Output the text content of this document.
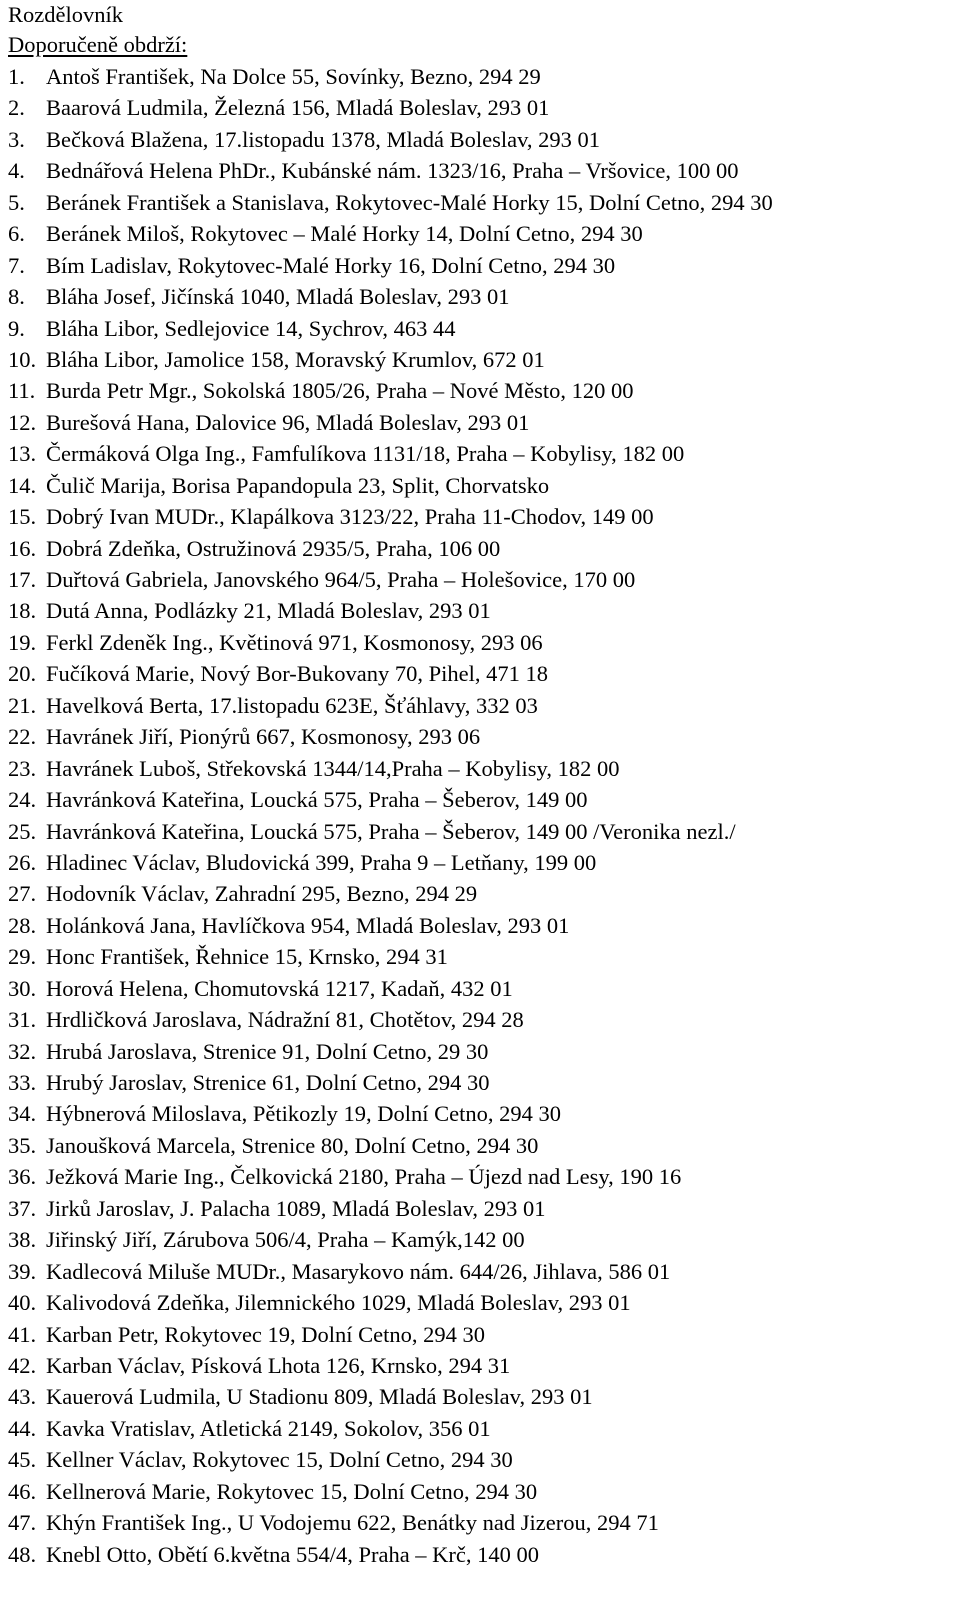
Rozdělovník
Doporučeně obdrží:
1. Antoš František, Na Dolce 55, Sovínky, Bezno, 294 29
2. Baarová Ludmila, Železná 156, Mladá Boleslav, 293 01
3. Bečková Blažena, 17.listopadu 1378, Mladá Boleslav, 293 01
4. Bednářová Helena PhDr., Kubánské nám. 1323/16, Praha – Vršovice, 100 00
5. Beránek František a Stanislava, Rokytovec-Malé Horky 15, Dolní Cetno, 294 30
6. Beránek Miloš, Rokytovec – Malé Horky 14, Dolní Cetno, 294 30
7. Bím Ladislav, Rokytovec-Malé Horky 16, Dolní Cetno, 294 30
8. Bláha Josef, Jičínská 1040, Mladá Boleslav, 293 01
9. Bláha Libor, Sedlejovice 14, Sychrov, 463 44
10. Bláha Libor, Jamolice 158, Moravský Krumlov, 672 01
11. Burda Petr Mgr., Sokolská 1805/26, Praha – Nové Město, 120 00
12. Burešová Hana, Dalovice 96, Mladá Boleslav, 293 01
13. Čermáková Olga Ing., Famfulíkova 1131/18, Praha – Kobylisy, 182 00
14. Čulič Marija, Borisa Papandopula 23, Split, Chorvatsko
15. Dobrý Ivan MUDr., Klapálkova 3123/22, Praha 11-Chodov, 149 00
16. Dobrá Zdeňka, Ostružinová 2935/5, Praha, 106 00
17. Duřtová Gabriela, Janovského 964/5, Praha – Holešovice, 170 00
18. Dutá Anna, Podlázky 21, Mladá Boleslav, 293 01
19. Ferkl Zdeněk Ing., Květinová 971, Kosmonosy, 293 06
20. Fučíková Marie, Nový Bor-Bukovany 70, Pihel, 471 18
21. Havelková Berta, 17.listopadu 623E, Šťáhlavy, 332 03
22. Havránek Jiří, Pionýrů 667, Kosmonosy, 293 06
23. Havránek Luboš, Střekovská 1344/14,Praha – Kobylisy, 182 00
24. Havránková Kateřina, Loucká 575, Praha – Šeberov, 149 00
25. Havránková Kateřina, Loucká 575, Praha – Šeberov, 149 00 /Veronika nezl./
26. Hladinec Václav, Bludovická 399, Praha 9 – Letňany, 199 00
27. Hodovník Václav, Zahradní 295, Bezno, 294 29
28. Holánková Jana, Havlíčkova 954, Mladá Boleslav, 293 01
29. Honc František, Řehnice 15, Krnsko, 294 31
30. Horová Helena, Chomutovská 1217, Kadaň, 432 01
31. Hrdličková Jaroslava, Nádražní 81, Chotětov, 294 28
32. Hrubá Jaroslava, Strenice 91, Dolní Cetno, 29 30
33. Hrubý Jaroslav, Strenice 61, Dolní Cetno, 294 30
34. Hýbnerová Miloslava, Pětikozly 19, Dolní Cetno, 294 30
35. Janoušková Marcela, Strenice 80, Dolní Cetno, 294 30
36. Ježková Marie Ing., Čelkovická 2180, Praha – Újezd nad Lesy, 190 16
37. Jirků Jaroslav, J. Palacha 1089, Mladá Boleslav, 293 01
38. Jiřinský Jiří, Zárubova 506/4, Praha – Kamýk,142 00
39. Kadlecová Miluše MUDr., Masarykovo nám. 644/26, Jihlava, 586 01
40. Kalivodová Zdeňka, Jilemnického 1029, Mladá Boleslav, 293 01
41. Karban Petr, Rokytovec 19, Dolní Cetno, 294 30
42. Karban Václav, Písková Lhota 126, Krnsko, 294 31
43. Kauerová Ludmila, U Stadionu 809, Mladá Boleslav, 293 01
44. Kavka Vratislav, Atletická 2149, Sokolov, 356 01
45. Kellner Václav, Rokytovec 15, Dolní Cetno, 294 30
46. Kellnerová Marie, Rokytovec 15, Dolní Cetno, 294 30
47. Khýn František Ing., U Vodojemu 622, Benátky nad Jizerou, 294 71
48. Knebl Otto, Obětí 6.května 554/4, Praha – Krč, 140 00
